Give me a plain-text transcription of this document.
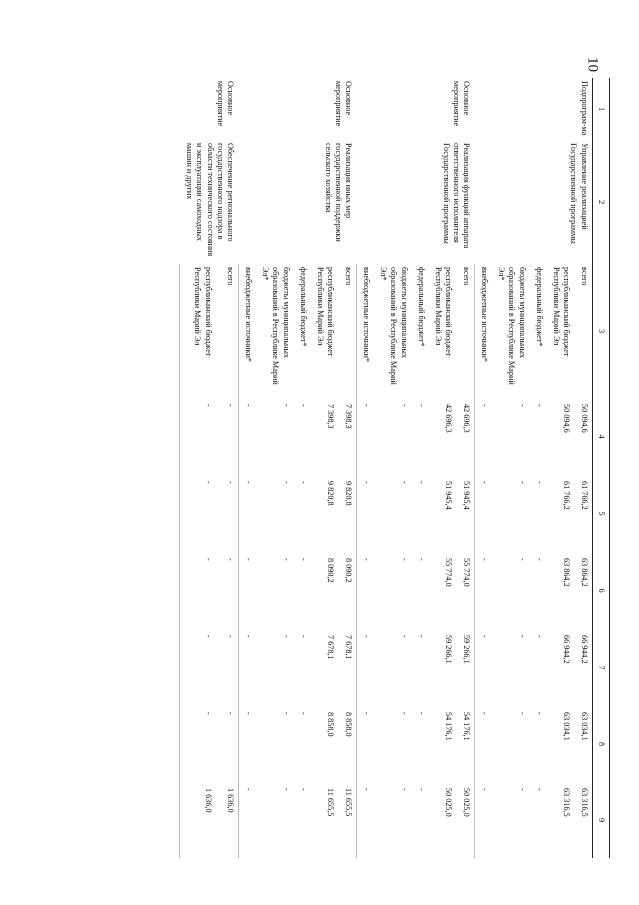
10
1	2	3	4	5	6	7	8	9
Подпрограм-ма	Управление реализацией Государственной программы	всего	50 094,6	61 766,2	63 864,2	66 944,2	63 034,1	63 316,5
		республиканский бюджет Республики Марий Эл	50 094,6	61 766,2	63 864,2	66 944,2	63 034,1	63 316,5
		федеральный бюджет*	-	-	-	-	-	-
		бюджеты муниципальных образований в Республике Марий Эл*	-	-	-	-	-	-
		внебюджетные источники*	-	-	-	-	-	-
Основное мероприятие	Реализация функций аппарата ответственного исполнителя Государственной программы	всего	42 696,3	51 945,4	55 774,0	59 266,1	54 176,1	50 025,0
		республиканский бюджет Республики Марий Эл	42 696,3	51 945,4	55 774,0	59 266,1	54 176,1	50 025,0
		федеральный бюджет*	-	-	-	-	-	-
		бюджеты муниципальных образований в Республике Марий Эл*	-	-	-	-	-	-
		внебюджетные источники*	-	-	-	-	-	-
Основное мероприятие	Реализация иных мер государственной поддержки сельского хозяйства	всего	7 398,3	9 820,8	8 090,2	7 678,1	8 858,0	11 655,5
		республиканский бюджет Республики Марий Эл	7 398,3	9 820,8	8 090,2	7 678,1	8 858,0	11 655,5
		федеральный бюджет*	-	-	-	-	-	-
		бюджеты муниципальных образований в Республике Марий Эл*	-	-	-	-	-	-
		внебюджетные источники*	-	-	-	-	-	-
Основное мероприятие	Обеспечение регионального государственного надзора в области технического состояния и эксплуатации самоходных машин и других	всего	-	-	-	-	-	1 636,0
		республиканский бюджет Республики Марий Эл	-	-	-	-	-	1 636,0
